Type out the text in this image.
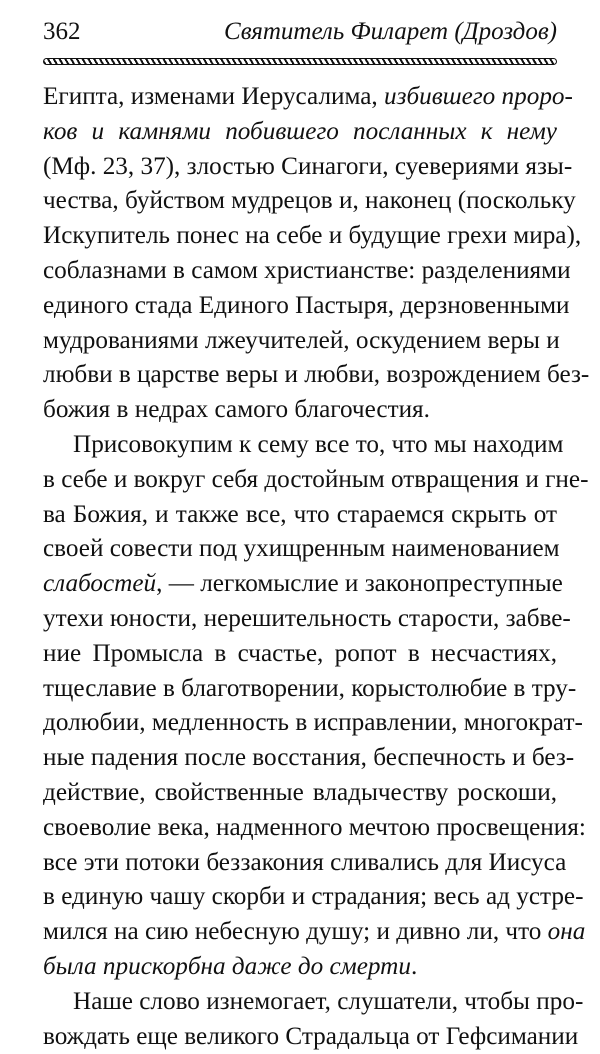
362	Святитель Филарет (Дроздов)
Египта, изменами Иерусалима, избившего проро-
ков и камнями побившего посланных к нему
(Мф. 23, 37), злостью Синагоги, суевериями язы-
чества, буйством мудрецов и, наконец (поскольку
Искупитель понес на себе и будущие грехи мира),
соблазнами в самом христианстве: разделениями
единого стада Единого Пастыря, дерзновенными
мудрованиями лжеучителей, оскудением веры и
любви в царстве веры и любви, возрождением без-
божия в недрах самого благочестия.
Присовокупим к сему все то, что мы находим
в себе и вокруг себя достойным отвращения и гне-
ва Божия, и также все, что стараемся скрыть от
своей совести под ухищренным наименованием
слабостей, — легкомыслие и законопреступные
утехи юности, нерешительность старости, забве-
ние Промысла в счастье, ропот в несчастиях,
тщеславие в благотворении, корыстолюбие в тру-
долюбии, медленность в исправлении, многократ-
ные падения после восстания, беспечность и без-
действие, свойственные владычеству роскоши,
своеволие века, надменного мечтою просвещения:
все эти потоки беззакония сливались для Иисуса
в единую чашу скорби и страдания; весь ад устре-
мился на сию небесную душу; и дивно ли, что она
была прискорбна даже до смерти.
Наше слово изнемогает, слушатели, чтобы про-
вождать еще великого Страдальца от Гефсимании
